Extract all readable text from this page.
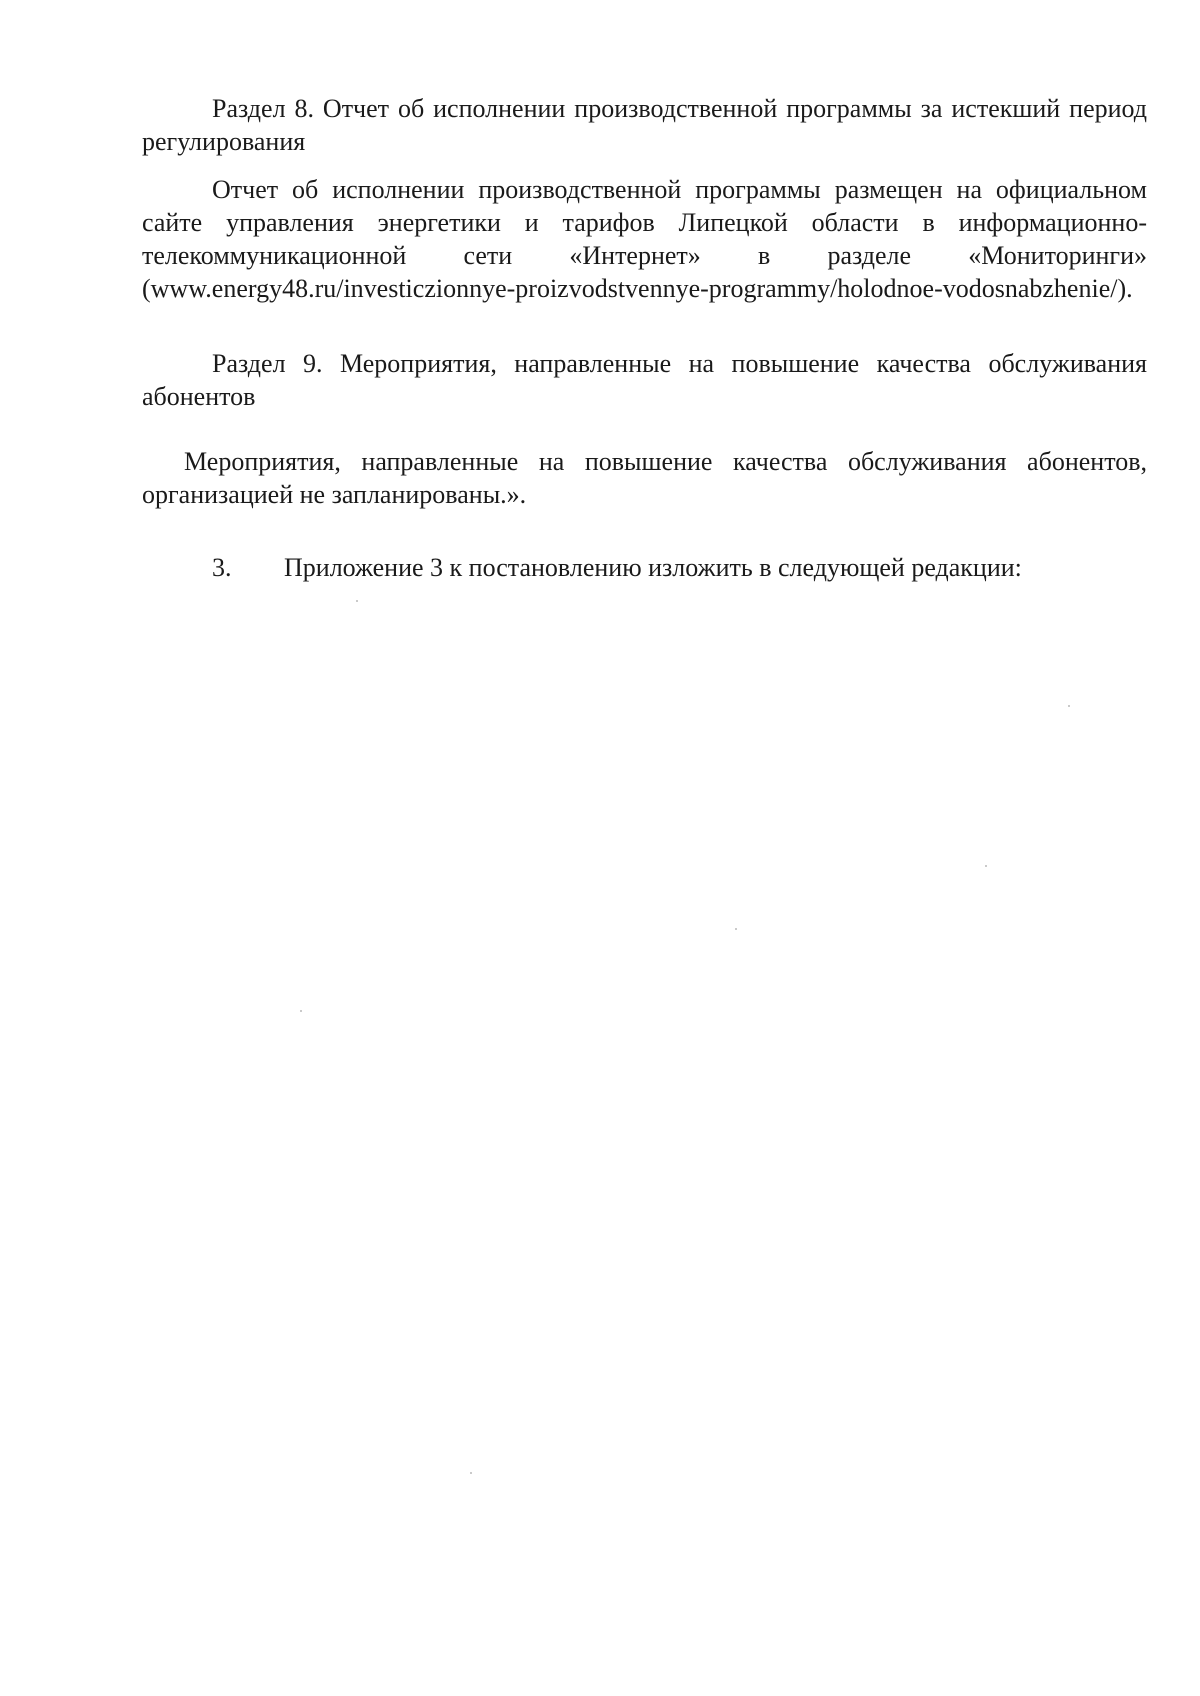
Раздел 8. Отчет об исполнении производственной программы за истекший период регулирования

Отчет об исполнении производственной программы размещен на официальном сайте управления энергетики и тарифов Липецкой области в информационно-телекоммуникационной сети «Интернет» в разделе «Мониторинги» (www.energy48.ru/investiczionnye-proizvodstvennye-programmy/holodnoe-vodosnabzhenie/).

Раздел 9. Мероприятия, направленные на повышение качества обслуживания абонентов

Мероприятия, направленные на повышение качества обслуживания абонентов, организацией не запланированы.».

3.	Приложение 3 к постановлению изложить в следующей редакции:
